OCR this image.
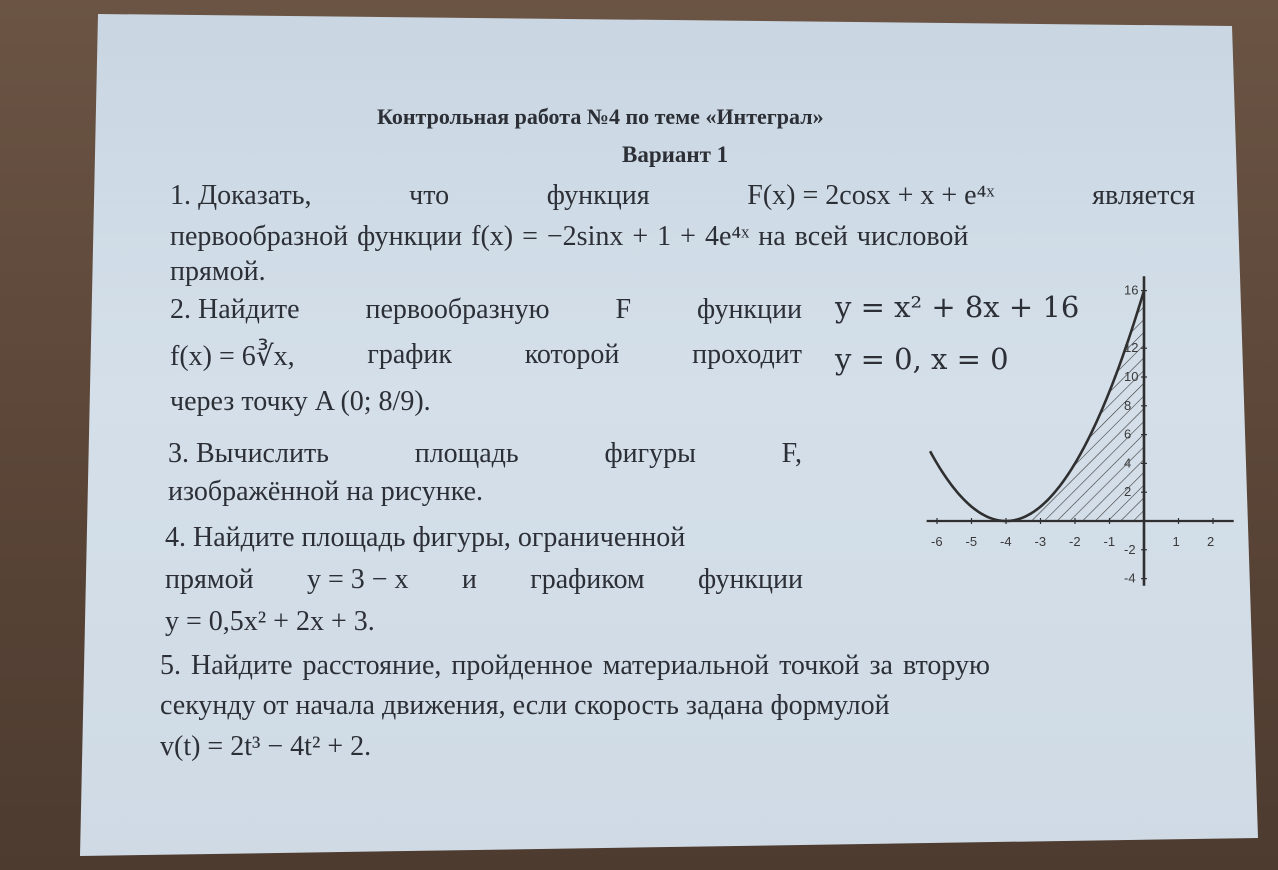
Контрольная работа №4 по теме «Интеграл»
Вариант 1
1. Доказать,	что	функция	F(x) = 2cosx + x + e⁴ˣ	является
первообразной функции f(x) = −2sinx + 1 + 4e⁴ˣ на всей числовой
прямой.
2. Найдите первообразную F функции
f(x) = 6∛x,	график	которой	проходит
через точку A (0; 8/9).
3. Вычислить	площадь	фигуры	F,
изображённой на рисунке.
4. Найдите площадь фигуры, ограниченной
прямой y = 3 − x и графиком функции
y = 0,5x² + 2x + 3.
5. Найдите расстояние, пройденное материальной точкой за вторую
секунду от начала движения, если скорость задана формулой
v(t) = 2t³ − 4t² + 2.
y = x² + 8x + 16
y = 0, x = 0
-6 -5 -4 -3 -2 -1	1 2
16
12
10
8
6
4
2
-2
-4
